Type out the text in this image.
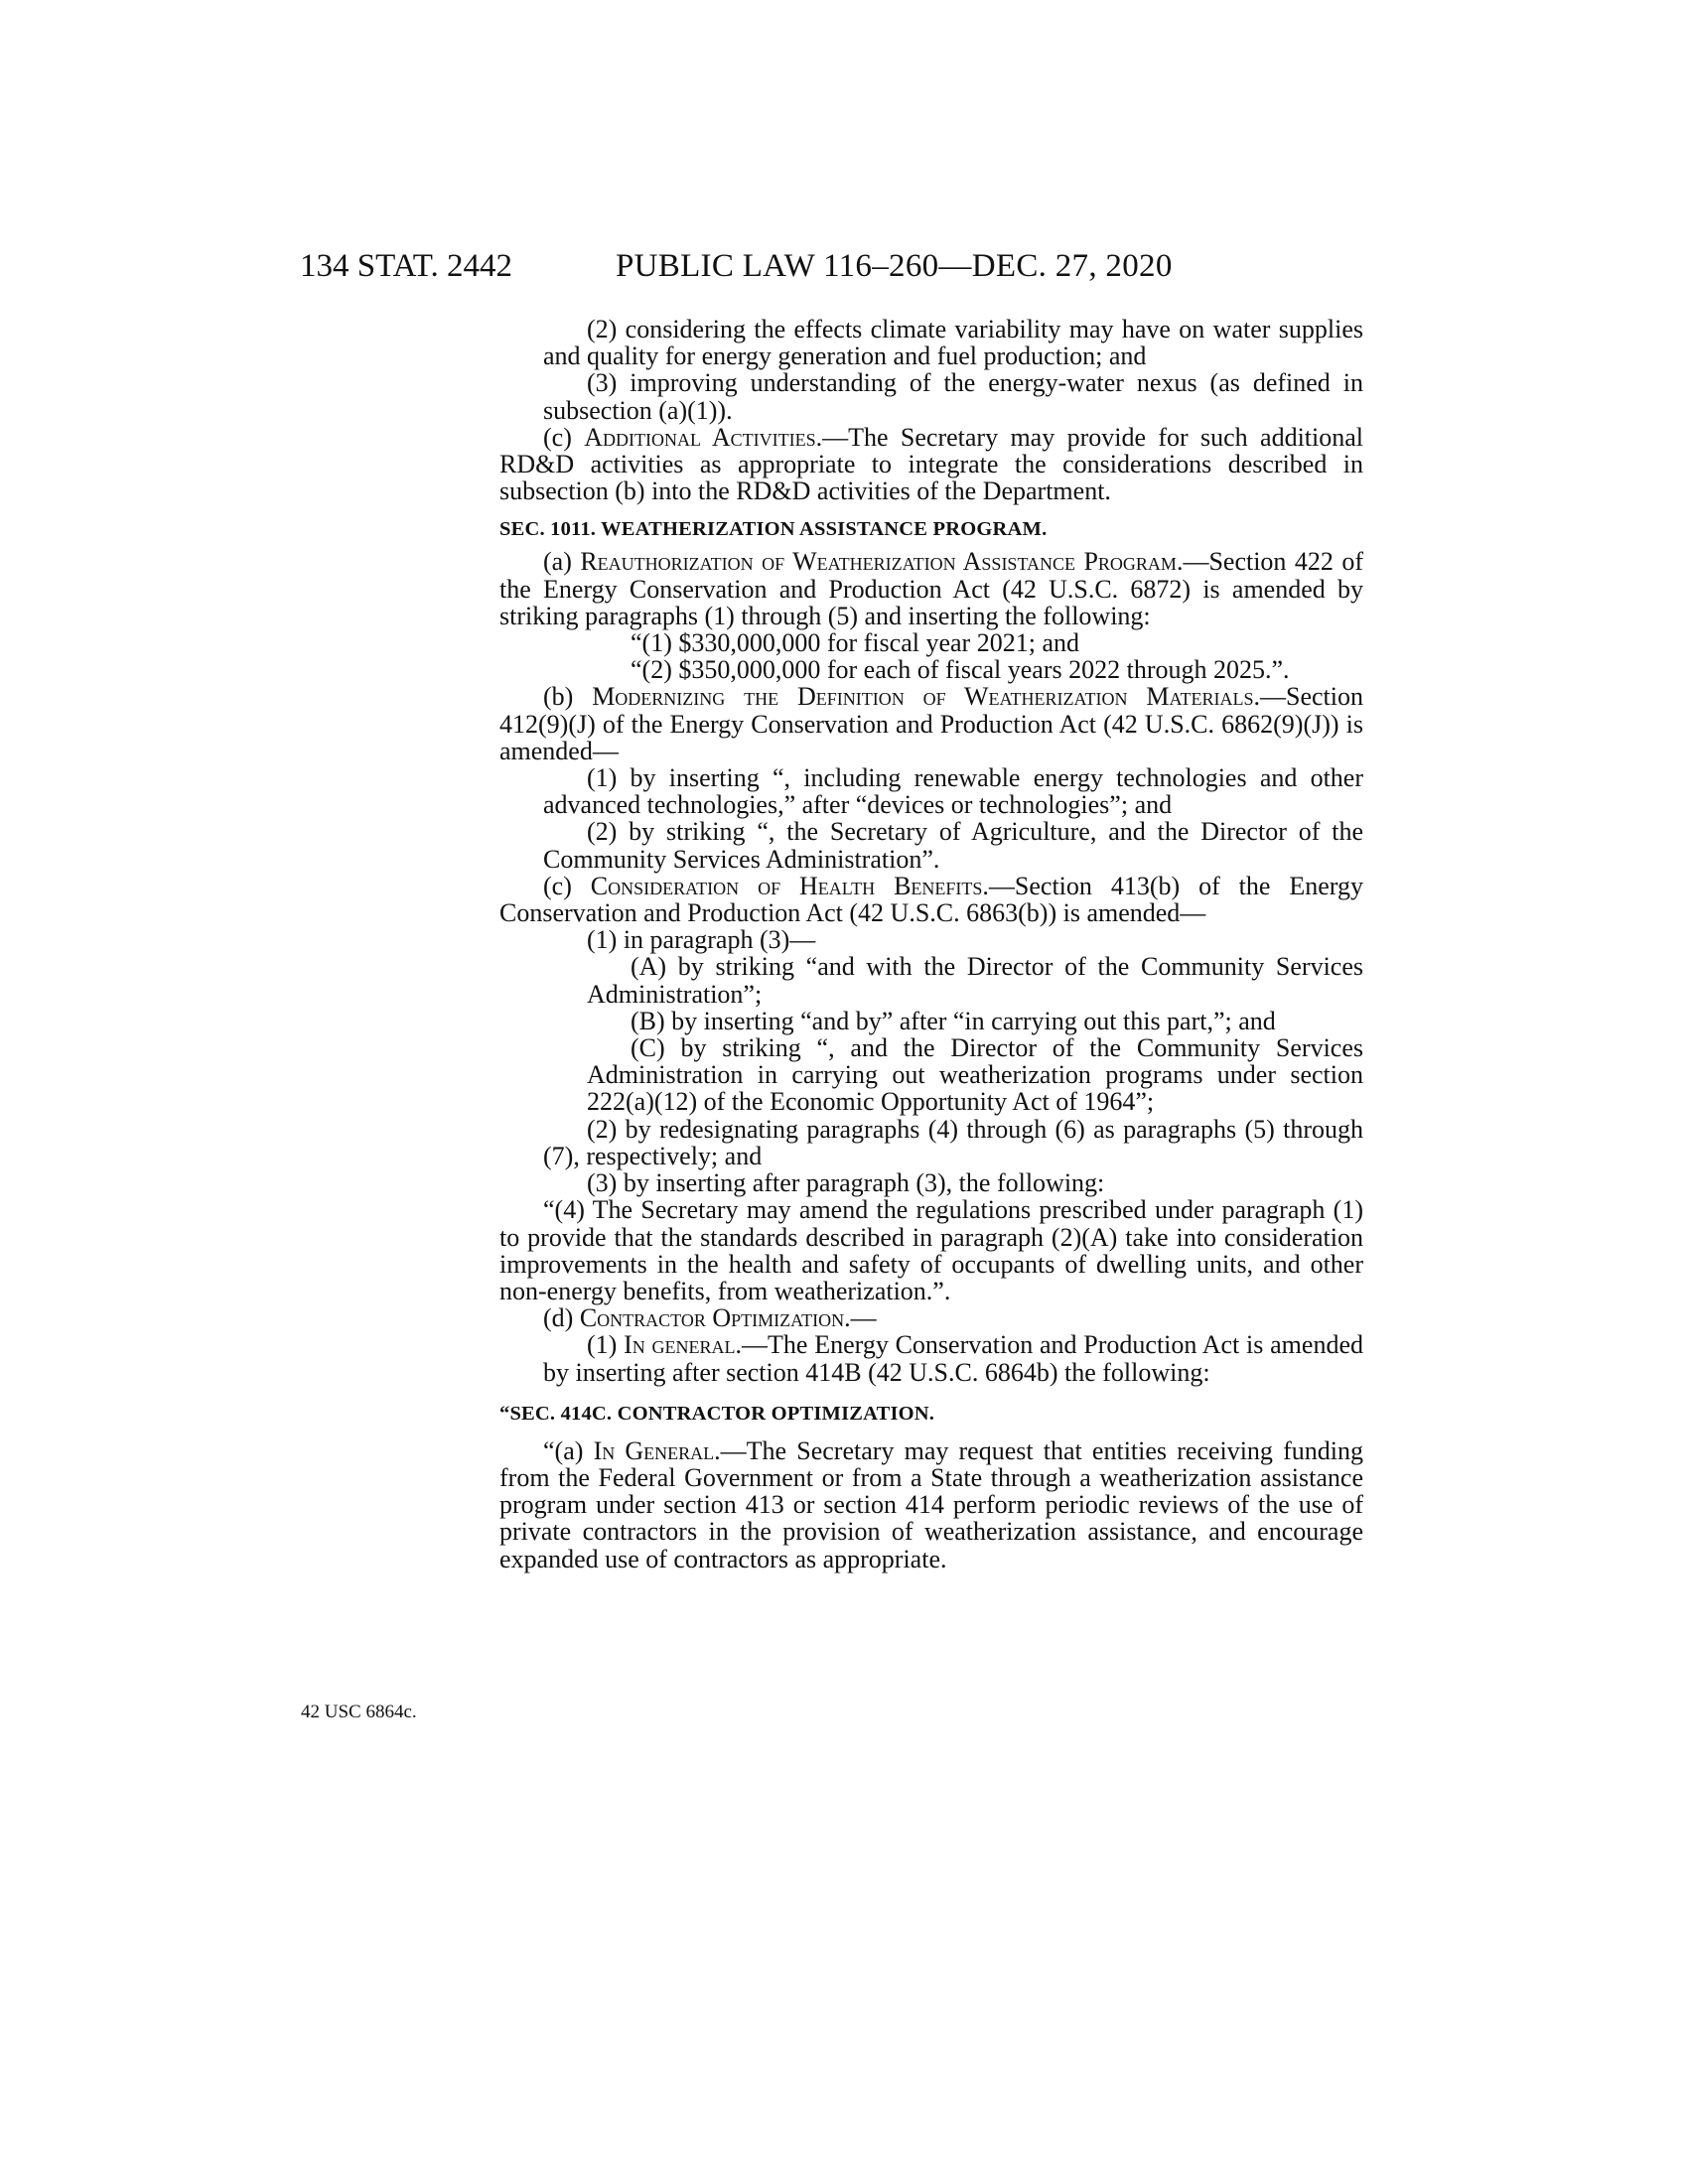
134 STAT. 2442	PUBLIC LAW 116–260—DEC. 27, 2020
42 USC 6864c.

(2) considering the effects climate variability may have on water supplies and quality for energy generation and fuel production; and

(3) improving understanding of the energy-water nexus (as defined in subsection (a)(1)).

(c) Additional Activities.—The Secretary may provide for such additional RD&D activities as appropriate to integrate the considerations described in subsection (b) into the RD&D activities of the Department.

SEC. 1011. WEATHERIZATION ASSISTANCE PROGRAM.

(a) Reauthorization of Weatherization Assistance Program.—Section 422 of the Energy Conservation and Production Act (42 U.S.C. 6872) is amended by striking paragraphs (1) through (5) and inserting the following:

“(1) $330,000,000 for fiscal year 2021; and

“(2) $350,000,000 for each of fiscal years 2022 through 2025.”.

(b) Modernizing the Definition of Weatherization Materials.—Section 412(9)(J) of the Energy Conservation and Production Act (42 U.S.C. 6862(9)(J)) is amended—

(1) by inserting “, including renewable energy technologies and other advanced technologies,” after “devices or technologies”; and

(2) by striking “, the Secretary of Agriculture, and the Director of the Community Services Administration”.

(c) Consideration of Health Benefits.—Section 413(b) of the Energy Conservation and Production Act (42 U.S.C. 6863(b)) is amended—

(1) in paragraph (3)—

(A) by striking “and with the Director of the Community Services Administration”;

(B) by inserting “and by” after “in carrying out this part,”; and

(C) by striking “, and the Director of the Community Services Administration in carrying out weatherization programs under section 222(a)(12) of the Economic Opportunity Act of 1964”;

(2) by redesignating paragraphs (4) through (6) as paragraphs (5) through (7), respectively; and

(3) by inserting after paragraph (3), the following:

“(4) The Secretary may amend the regulations prescribed under paragraph (1) to provide that the standards described in paragraph (2)(A) take into consideration improvements in the health and safety of occupants of dwelling units, and other non-energy benefits, from weatherization.”.

(d) Contractor Optimization.—

(1) In general.—The Energy Conservation and Production Act is amended by inserting after section 414B (42 U.S.C. 6864b) the following:

“SEC. 414C. CONTRACTOR OPTIMIZATION.

“(a) In General.—The Secretary may request that entities receiving funding from the Federal Government or from a State through a weatherization assistance program under section 413 or section 414 perform periodic reviews of the use of private contractors in the provision of weatherization assistance, and encourage expanded use of contractors as appropriate.
